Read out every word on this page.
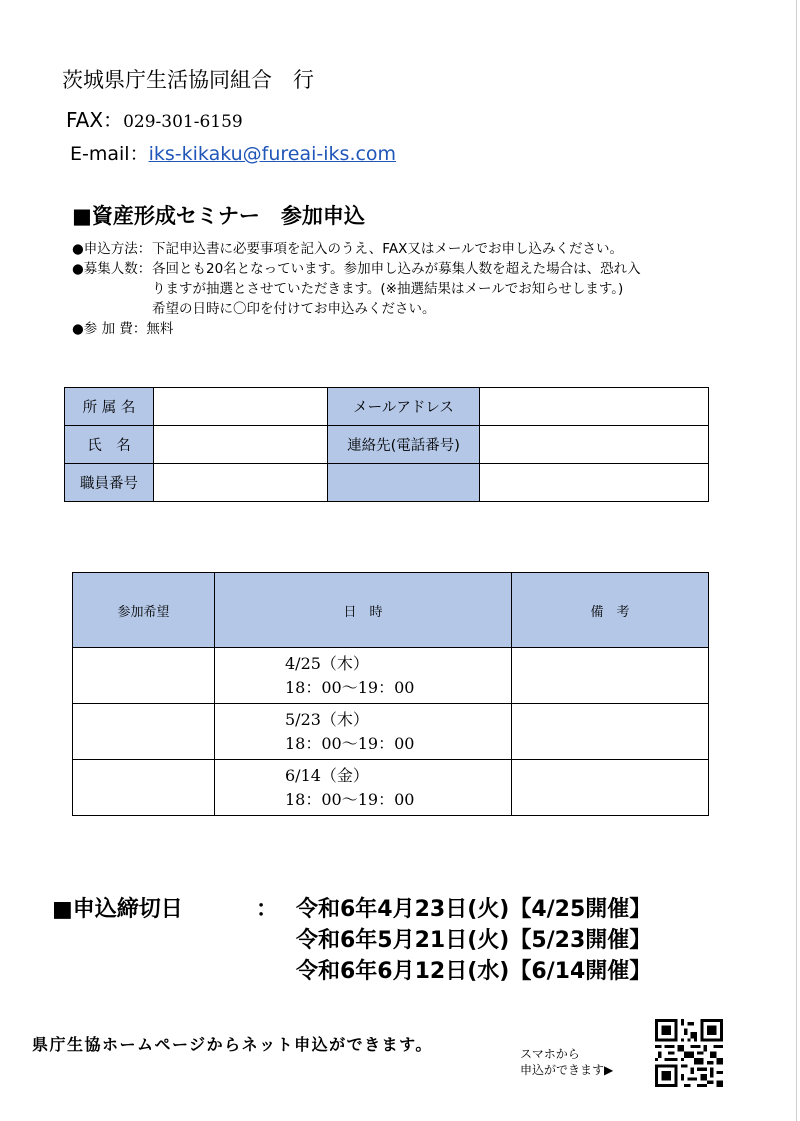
茨城県庁生活協同組合　行
FAX：029-301-6159
E-mail：iks-kikaku@fureai-iks.com
■資産形成セミナー　参加申込
●申込方法： 下記申込書に必要事項を記入のうえ、FAX又はメールでお申し込みください。
●募集人数： 各回とも20名となっています。参加申し込みが募集人数を超えた場合は、恐れ入
りますが抽選とさせていただきます。(※抽選結果はメールでお知らせします。)
希望の日時に〇印を付けてお申込みください。
●参 加 費： 無料
所 属 名		メールアドレス	
氏　名		連絡先(電話番号)	
職員番号			
参加希望	日　時	備　考

	4/25（木）
18：00～19：00	

	5/23（木）
18：00～19：00	

	6/14（金）
18：00～19：00	

■申込締切日	： 令和6年4月23日(火)【4/25開催】
令和6年5月21日(火)【5/23開催】
令和6年6月12日(水)【6/14開催】
県庁生協ホームページからネット申込ができます。	スマホから
申込ができます▶
